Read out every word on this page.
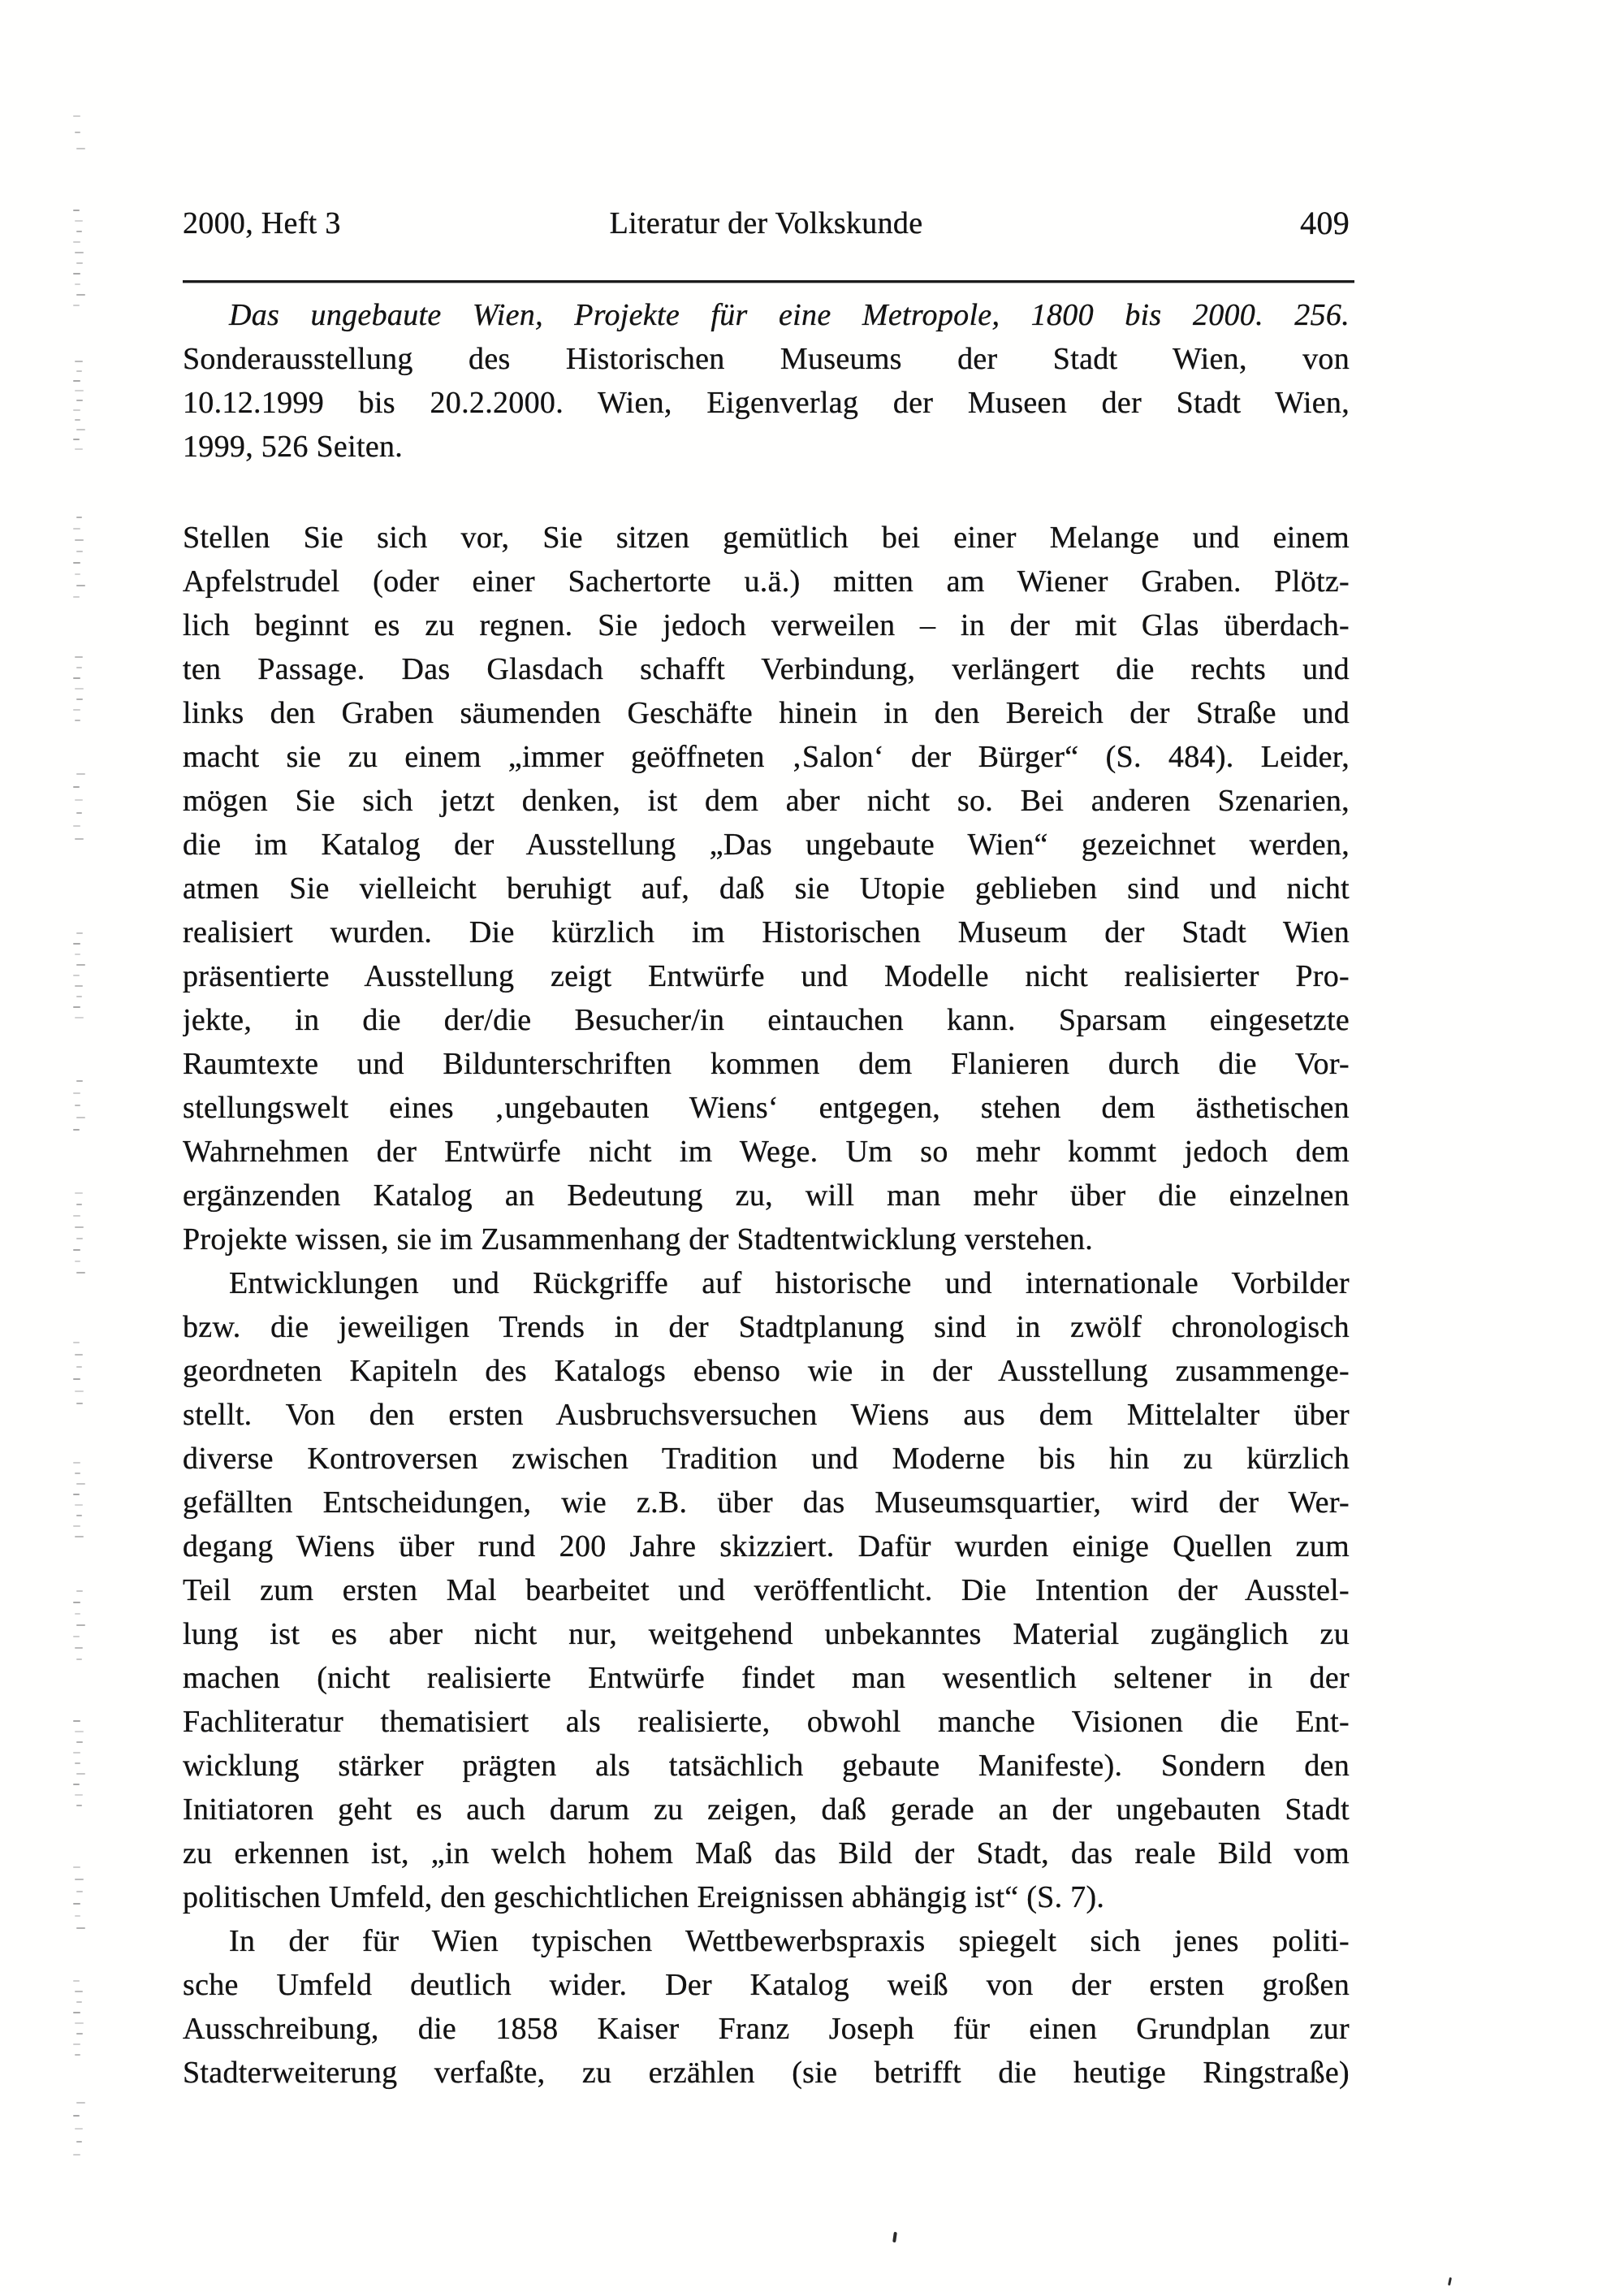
2000, Heft 3	Literatur der Volkskunde	409
Das ungebaute Wien, Projekte für eine Metropole, 1800 bis 2000. 256.
Sonderausstellung des Historischen Museums der Stadt Wien, von
10.12.1999 bis 20.2.2000. Wien, Eigenverlag der Museen der Stadt Wien,
1999, 526 Seiten.
Stellen Sie sich vor, Sie sitzen gemütlich bei einer Melange und einem
Apfelstrudel (oder einer Sachertorte u.ä.) mitten am Wiener Graben. Plötz-
lich beginnt es zu regnen. Sie jedoch verweilen – in der mit Glas überdach-
ten Passage. Das Glasdach schafft Verbindung, verlängert die rechts und
links den Graben säumenden Geschäfte hinein in den Bereich der Straße und
macht sie zu einem „immer geöffneten ‚Salon‘ der Bürger“ (S. 484). Leider,
mögen Sie sich jetzt denken, ist dem aber nicht so. Bei anderen Szenarien,
die im Katalog der Ausstellung „Das ungebaute Wien“ gezeichnet werden,
atmen Sie vielleicht beruhigt auf, daß sie Utopie geblieben sind und nicht
realisiert wurden. Die kürzlich im Historischen Museum der Stadt Wien
präsentierte Ausstellung zeigt Entwürfe und Modelle nicht realisierter Pro-
jekte, in die der/die Besucher/in eintauchen kann. Sparsam eingesetzte
Raumtexte und Bildunterschriften kommen dem Flanieren durch die Vor-
stellungswelt eines ‚ungebauten Wiens‘ entgegen, stehen dem ästhetischen
Wahrnehmen der Entwürfe nicht im Wege. Um so mehr kommt jedoch dem
ergänzenden Katalog an Bedeutung zu, will man mehr über die einzelnen
Projekte wissen, sie im Zusammenhang der Stadtentwicklung verstehen.
Entwicklungen und Rückgriffe auf historische und internationale Vorbilder
bzw. die jeweiligen Trends in der Stadtplanung sind in zwölf chronologisch
geordneten Kapiteln des Katalogs ebenso wie in der Ausstellung zusammenge-
stellt. Von den ersten Ausbruchsversuchen Wiens aus dem Mittelalter über
diverse Kontroversen zwischen Tradition und Moderne bis hin zu kürzlich
gefällten Entscheidungen, wie z.B. über das Museumsquartier, wird der Wer-
degang Wiens über rund 200 Jahre skizziert. Dafür wurden einige Quellen zum
Teil zum ersten Mal bearbeitet und veröffentlicht. Die Intention der Ausstel-
lung ist es aber nicht nur, weitgehend unbekanntes Material zugänglich zu
machen (nicht realisierte Entwürfe findet man wesentlich seltener in der
Fachliteratur thematisiert als realisierte, obwohl manche Visionen die Ent-
wicklung stärker prägten als tatsächlich gebaute Manifeste). Sondern den
Initiatoren geht es auch darum zu zeigen, daß gerade an der ungebauten Stadt
zu erkennen ist, „in welch hohem Maß das Bild der Stadt, das reale Bild vom
politischen Umfeld, den geschichtlichen Ereignissen abhängig ist“ (S. 7).
In der für Wien typischen Wettbewerbspraxis spiegelt sich jenes politi-
sche Umfeld deutlich wider. Der Katalog weiß von der ersten großen
Ausschreibung, die 1858 Kaiser Franz Joseph für einen Grundplan zur
Stadterweiterung verfaßte, zu erzählen (sie betrifft die heutige Ringstraße)
